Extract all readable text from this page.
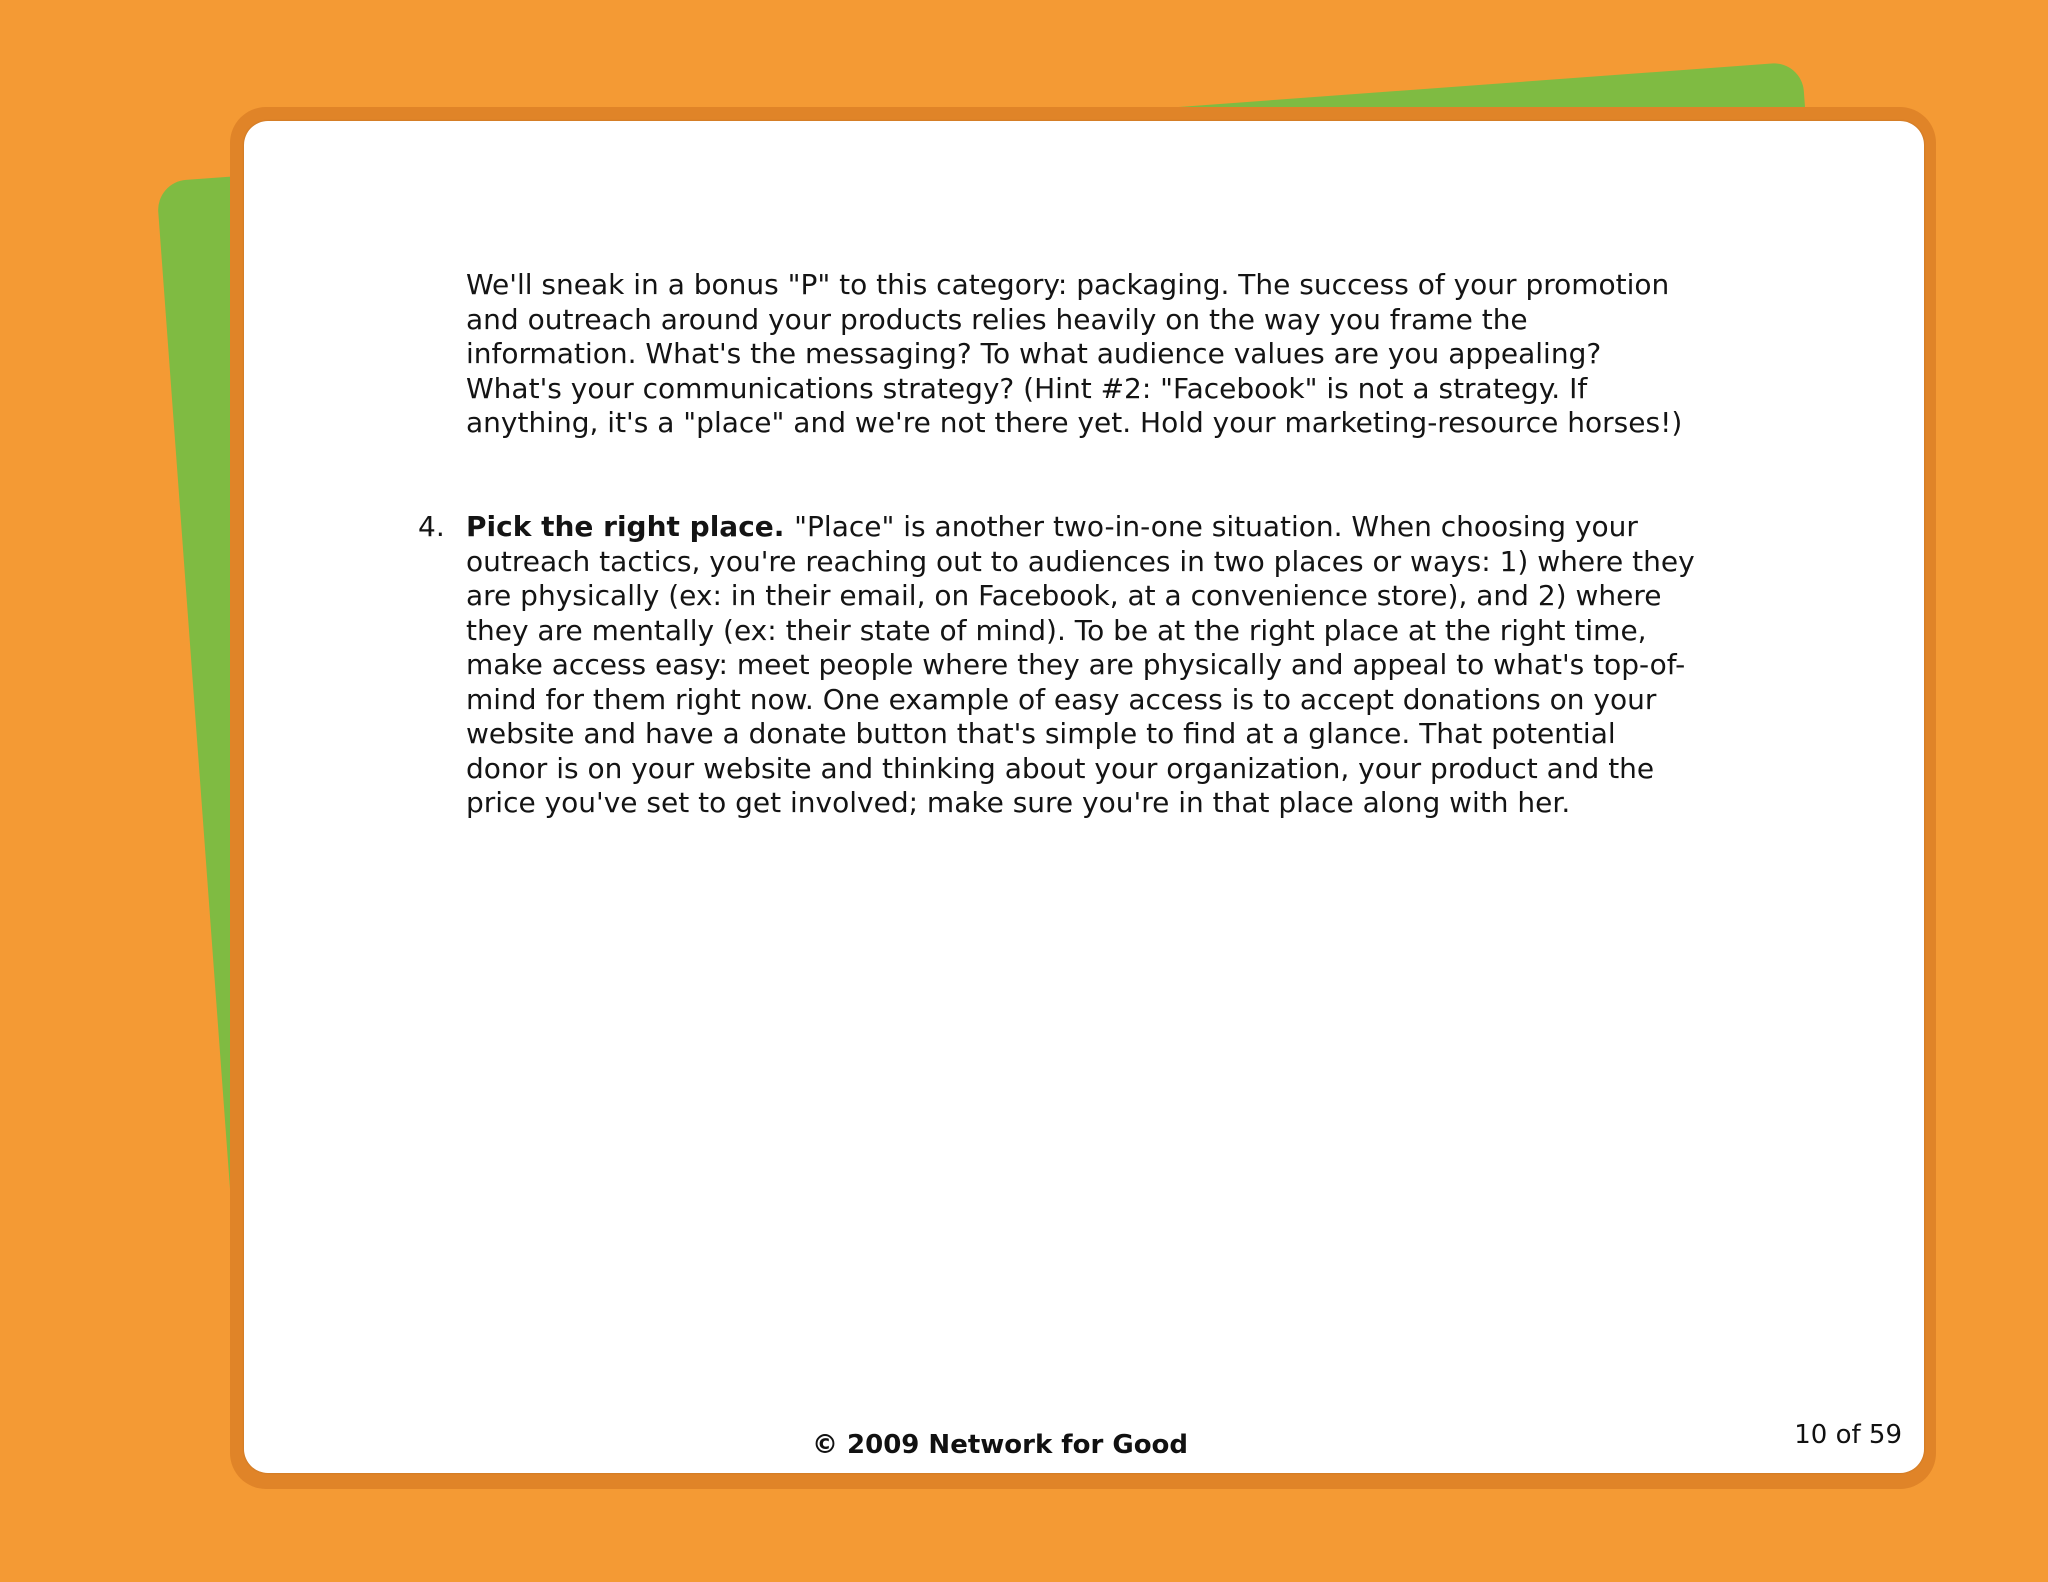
We'll sneak in a bonus "P" to this category: packaging. The success of your promotion and outreach around your products relies heavily on the way you frame the information. What's the messaging? To what audience values are you appealing? What's your communications strategy? (Hint #2: "Facebook" is not a strategy. If anything, it's a "place" and we're not there yet. Hold your marketing-resource horses!)
4. Pick the right place. "Place" is another two-in-one situation. When choosing your outreach tactics, you're reaching out to audiences in two places or ways: 1) where they are physically (ex: in their email, on Facebook, at a convenience store), and 2) where they are mentally (ex: their state of mind). To be at the right place at the right time, make access easy: meet people where they are physically and appeal to what's top-of-mind for them right now. One example of easy access is to accept donations on your website and have a donate button that's simple to find at a glance. That potential donor is on your website and thinking about your organization, your product and the price you've set to get involved; make sure you're in that place along with her.
© 2009 Network for Good	10 of 59
